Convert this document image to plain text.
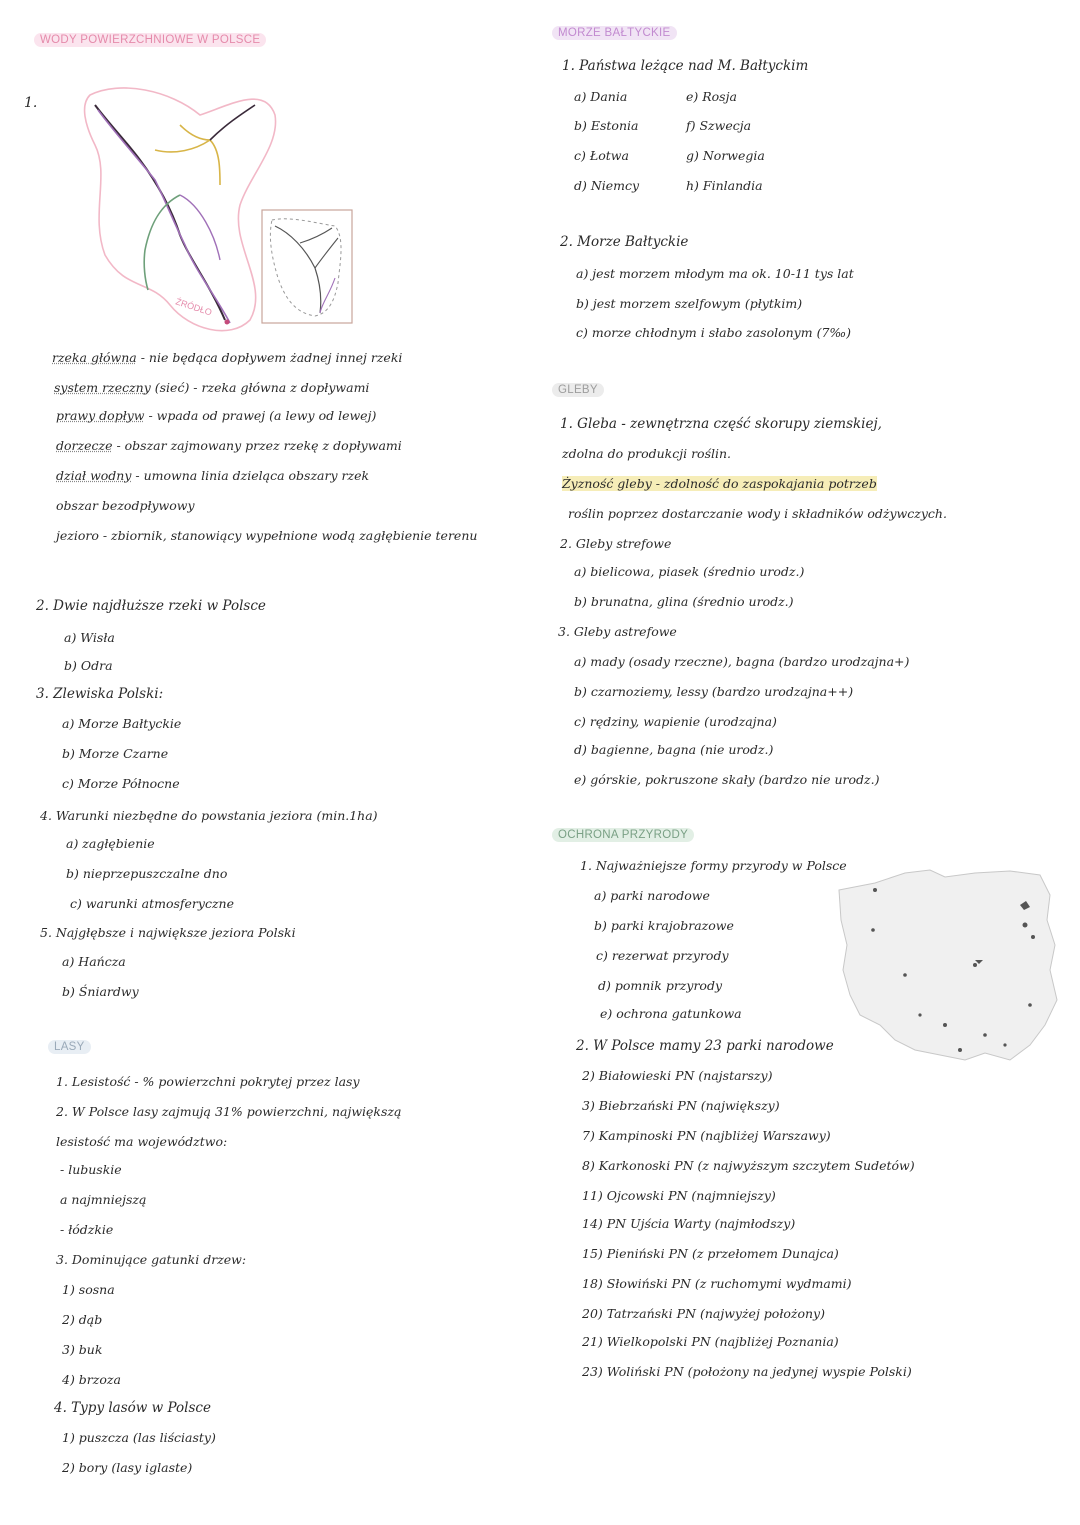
WODY POWIERZCHNIOWE W POLSCE
1.
ŹRÓDŁO
rzeka główna - nie będąca dopływem żadnej innej rzeki
system rzeczny (sieć) - rzeka główna z dopływami
prawy dopływ - wpada od prawej (a lewy od lewej)
dorzecze - obszar zajmowany przez rzekę z dopływami
dział wodny - umowna linia dzieląca obszary rzek
obszar bezodpływowy
jezioro - zbiornik, stanowiący wypełnione wodą zagłębienie terenu
2. Dwie najdłuższe rzeki w Polsce
a) Wisła
b) Odra
3. Zlewiska Polski:
a) Morze Bałtyckie
b) Morze Czarne
c) Morze Północne
4. Warunki niezbędne do powstania jeziora (min.1ha)
a) zagłębienie
b) nieprzepuszczalne dno
c) warunki atmosferyczne
5. Najgłębsze i największe jeziora Polski
a) Hańcza
b) Śniardwy
LASY
1. Lesistość - % powierzchni pokrytej przez lasy
2. W Polsce lasy zajmują 31% powierzchni, największą
lesistość ma województwo:
- lubuskie
a najmniejszą
- łódzkie
3. Dominujące gatunki drzew:
1) sosna
2) dąb
3) buk
4) brzoza
4. Typy lasów w Polsce
1) puszcza (las liściasty)
2) bory (lasy iglaste)
MORZE BAŁTYCKIE
1. Państwa leżące nad M. Bałtyckim
a) Dania
b) Estonia
c) Łotwa
d) Niemcy
e) Rosja
f) Szwecja
g) Norwegia
h) Finlandia
2. Morze Bałtyckie
a) jest morzem młodym ma ok. 10-11 tys lat
b) jest morzem szelfowym (płytkim)
c) morze chłodnym i słabo zasolonym (7‰)
GLEBY
1. Gleba - zewnętrzna część skorupy ziemskiej,
zdolna do produkcji roślin.
Żyzność gleby - zdolność do zaspokajania potrzeb
roślin poprzez dostarczanie wody i składników odżywczych.
2. Gleby strefowe
a) bielicowa, piasek (średnio urodz.)
b) brunatna, glina (średnio urodz.)
3. Gleby astrefowe
a) mady (osady rzeczne), bagna (bardzo urodzajna+)
b) czarnoziemy, lessy (bardzo urodzajna++)
c) rędziny, wapienie (urodzajna)
d) bagienne, bagna (nie urodz.)
e) górskie, pokruszone skały (bardzo nie urodz.)
OCHRONA PRZYRODY
1. Najważniejsze formy przyrody w Polsce
a) parki narodowe
b) parki krajobrazowe
c) rezerwat przyrody
d) pomnik przyrody
e) ochrona gatunkowa
2. W Polsce mamy 23 parki narodowe
2) Białowieski PN (najstarszy)
3) Biebrzański PN (największy)
7) Kampinoski PN (najbliżej Warszawy)
8) Karkonoski PN (z najwyższym szczytem Sudetów)
11) Ojcowski PN (najmniejszy)
14) PN Ujścia Warty (najmłodszy)
15) Pieniński PN (z przełomem Dunajca)
18) Słowiński PN (z ruchomymi wydmami)
20) Tatrzański PN (najwyżej położony)
21) Wielkopolski PN (najbliżej Poznania)
23) Woliński PN (położony na jedynej wyspie Polski)
